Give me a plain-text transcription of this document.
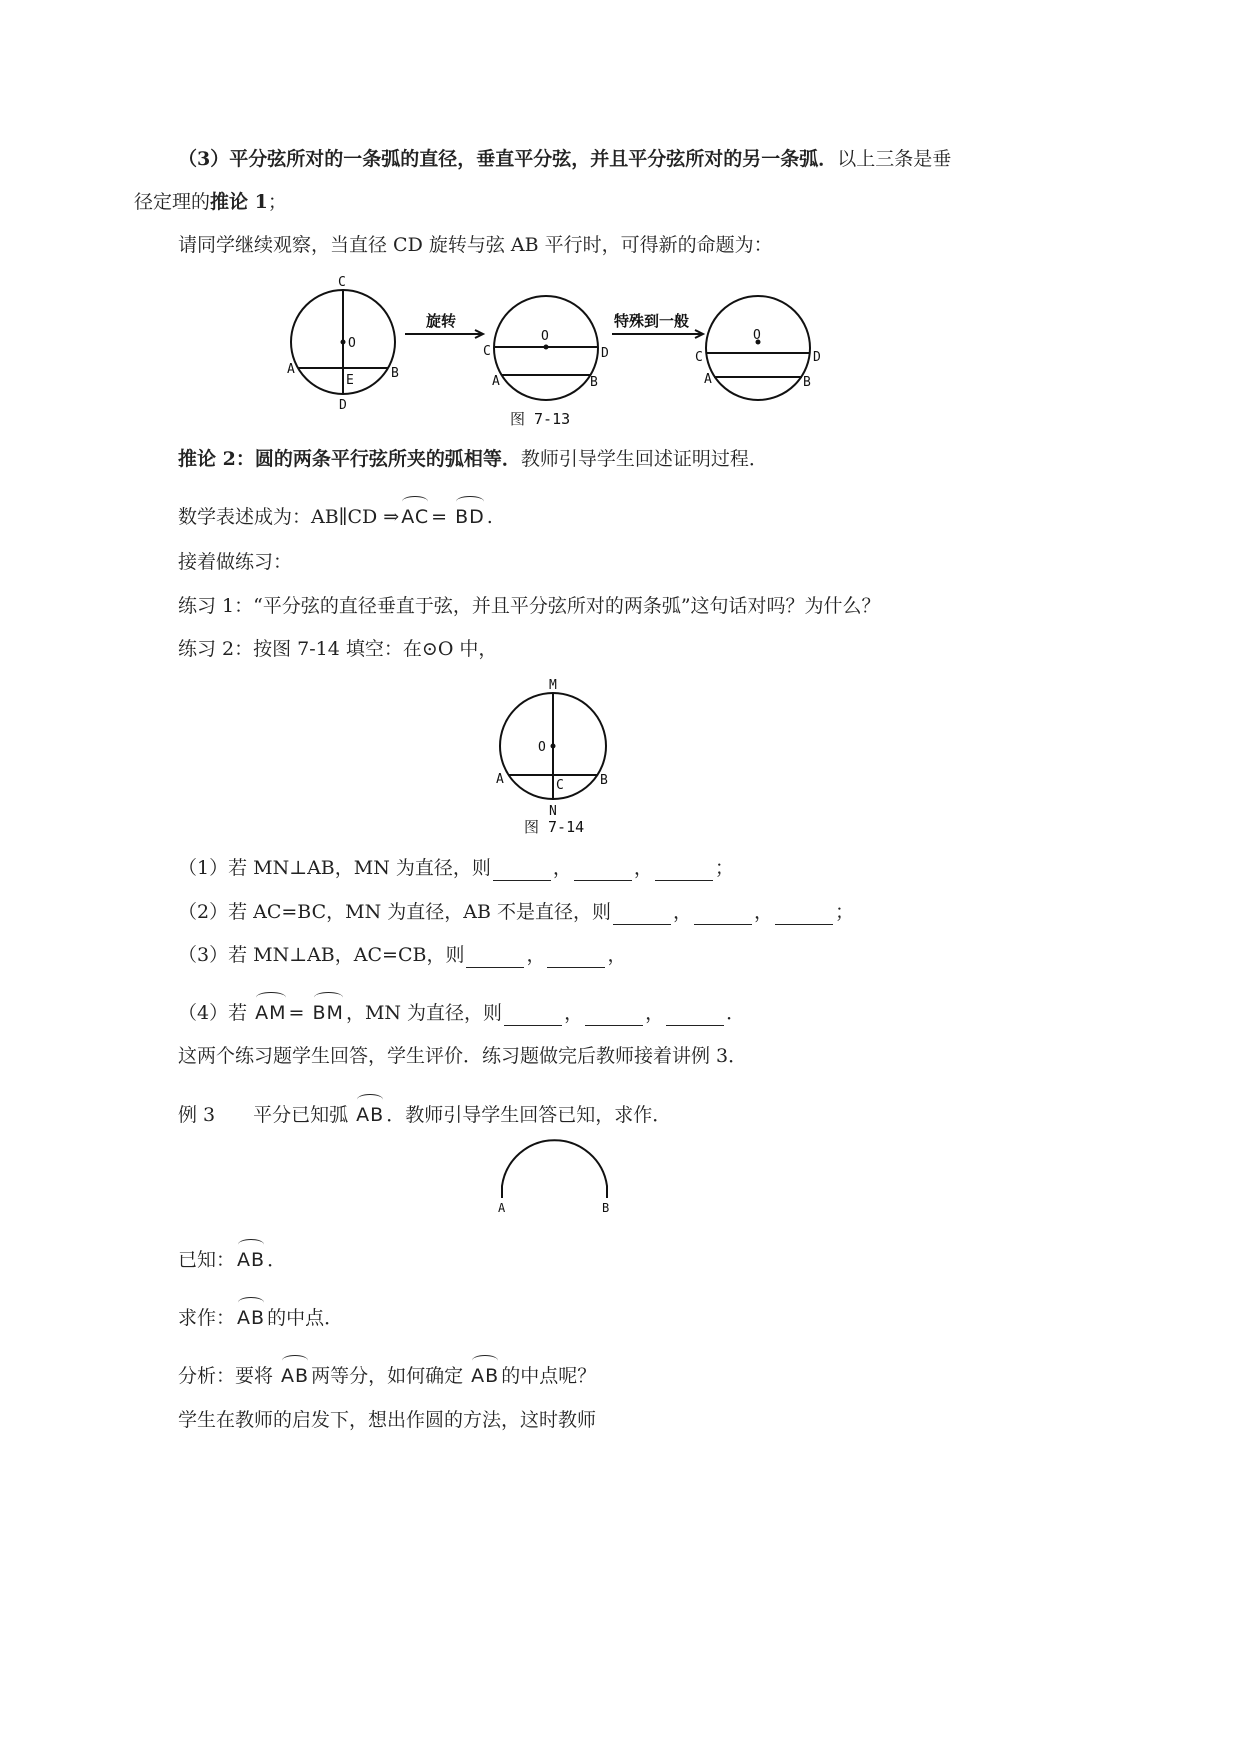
（3）平分弦所对的一条弧的直径，垂直平分弦，并且平分弦所对的另一条弧．以上三条是垂
径定理的推论 1；
请同学继续观察，当直径 CD 旋转与弦 AB 平行时，可得新的命题为：
C
O
A	B
E
D
O
C	D
A	B
O
C	D
A	B
旋转	特殊到一般
图 7-13
推论 2：圆的两条平行弦所夹的弧相等．教师引导学生回述证明过程．
数学表述成为：AB∥CD ⇒ AC = BD .
接着做练习：
练习 1：“平分弦的直径垂直于弦，并且平分弦所对的两条弧”这句话对吗？为什么？
练习 2：按图 7-14 填空：在⊙O 中，
M
O
A	C	B
N
图 7-14
（1）若 MN⊥AB，MN 为直径，则	，	，	；
（2）若 AC=BC，MN 为直径，AB 不是直径，则	，	，	；
（3）若 MN⊥AB，AC=CB，则	，	，
（4）若 AM = BM ，MN 为直径，则	，	，	．
这两个练习题学生回答，学生评价．练习题做完后教师接着讲例 3．
例 3　　平分已知弧 AB ．教师引导学生回答已知，求作．
A	B
已知： AB ．
求作： AB 的中点．
分析：要将 AB 两等分，如何确定 AB 的中点呢？
学生在教师的启发下，想出作圆的方法，这时教师
